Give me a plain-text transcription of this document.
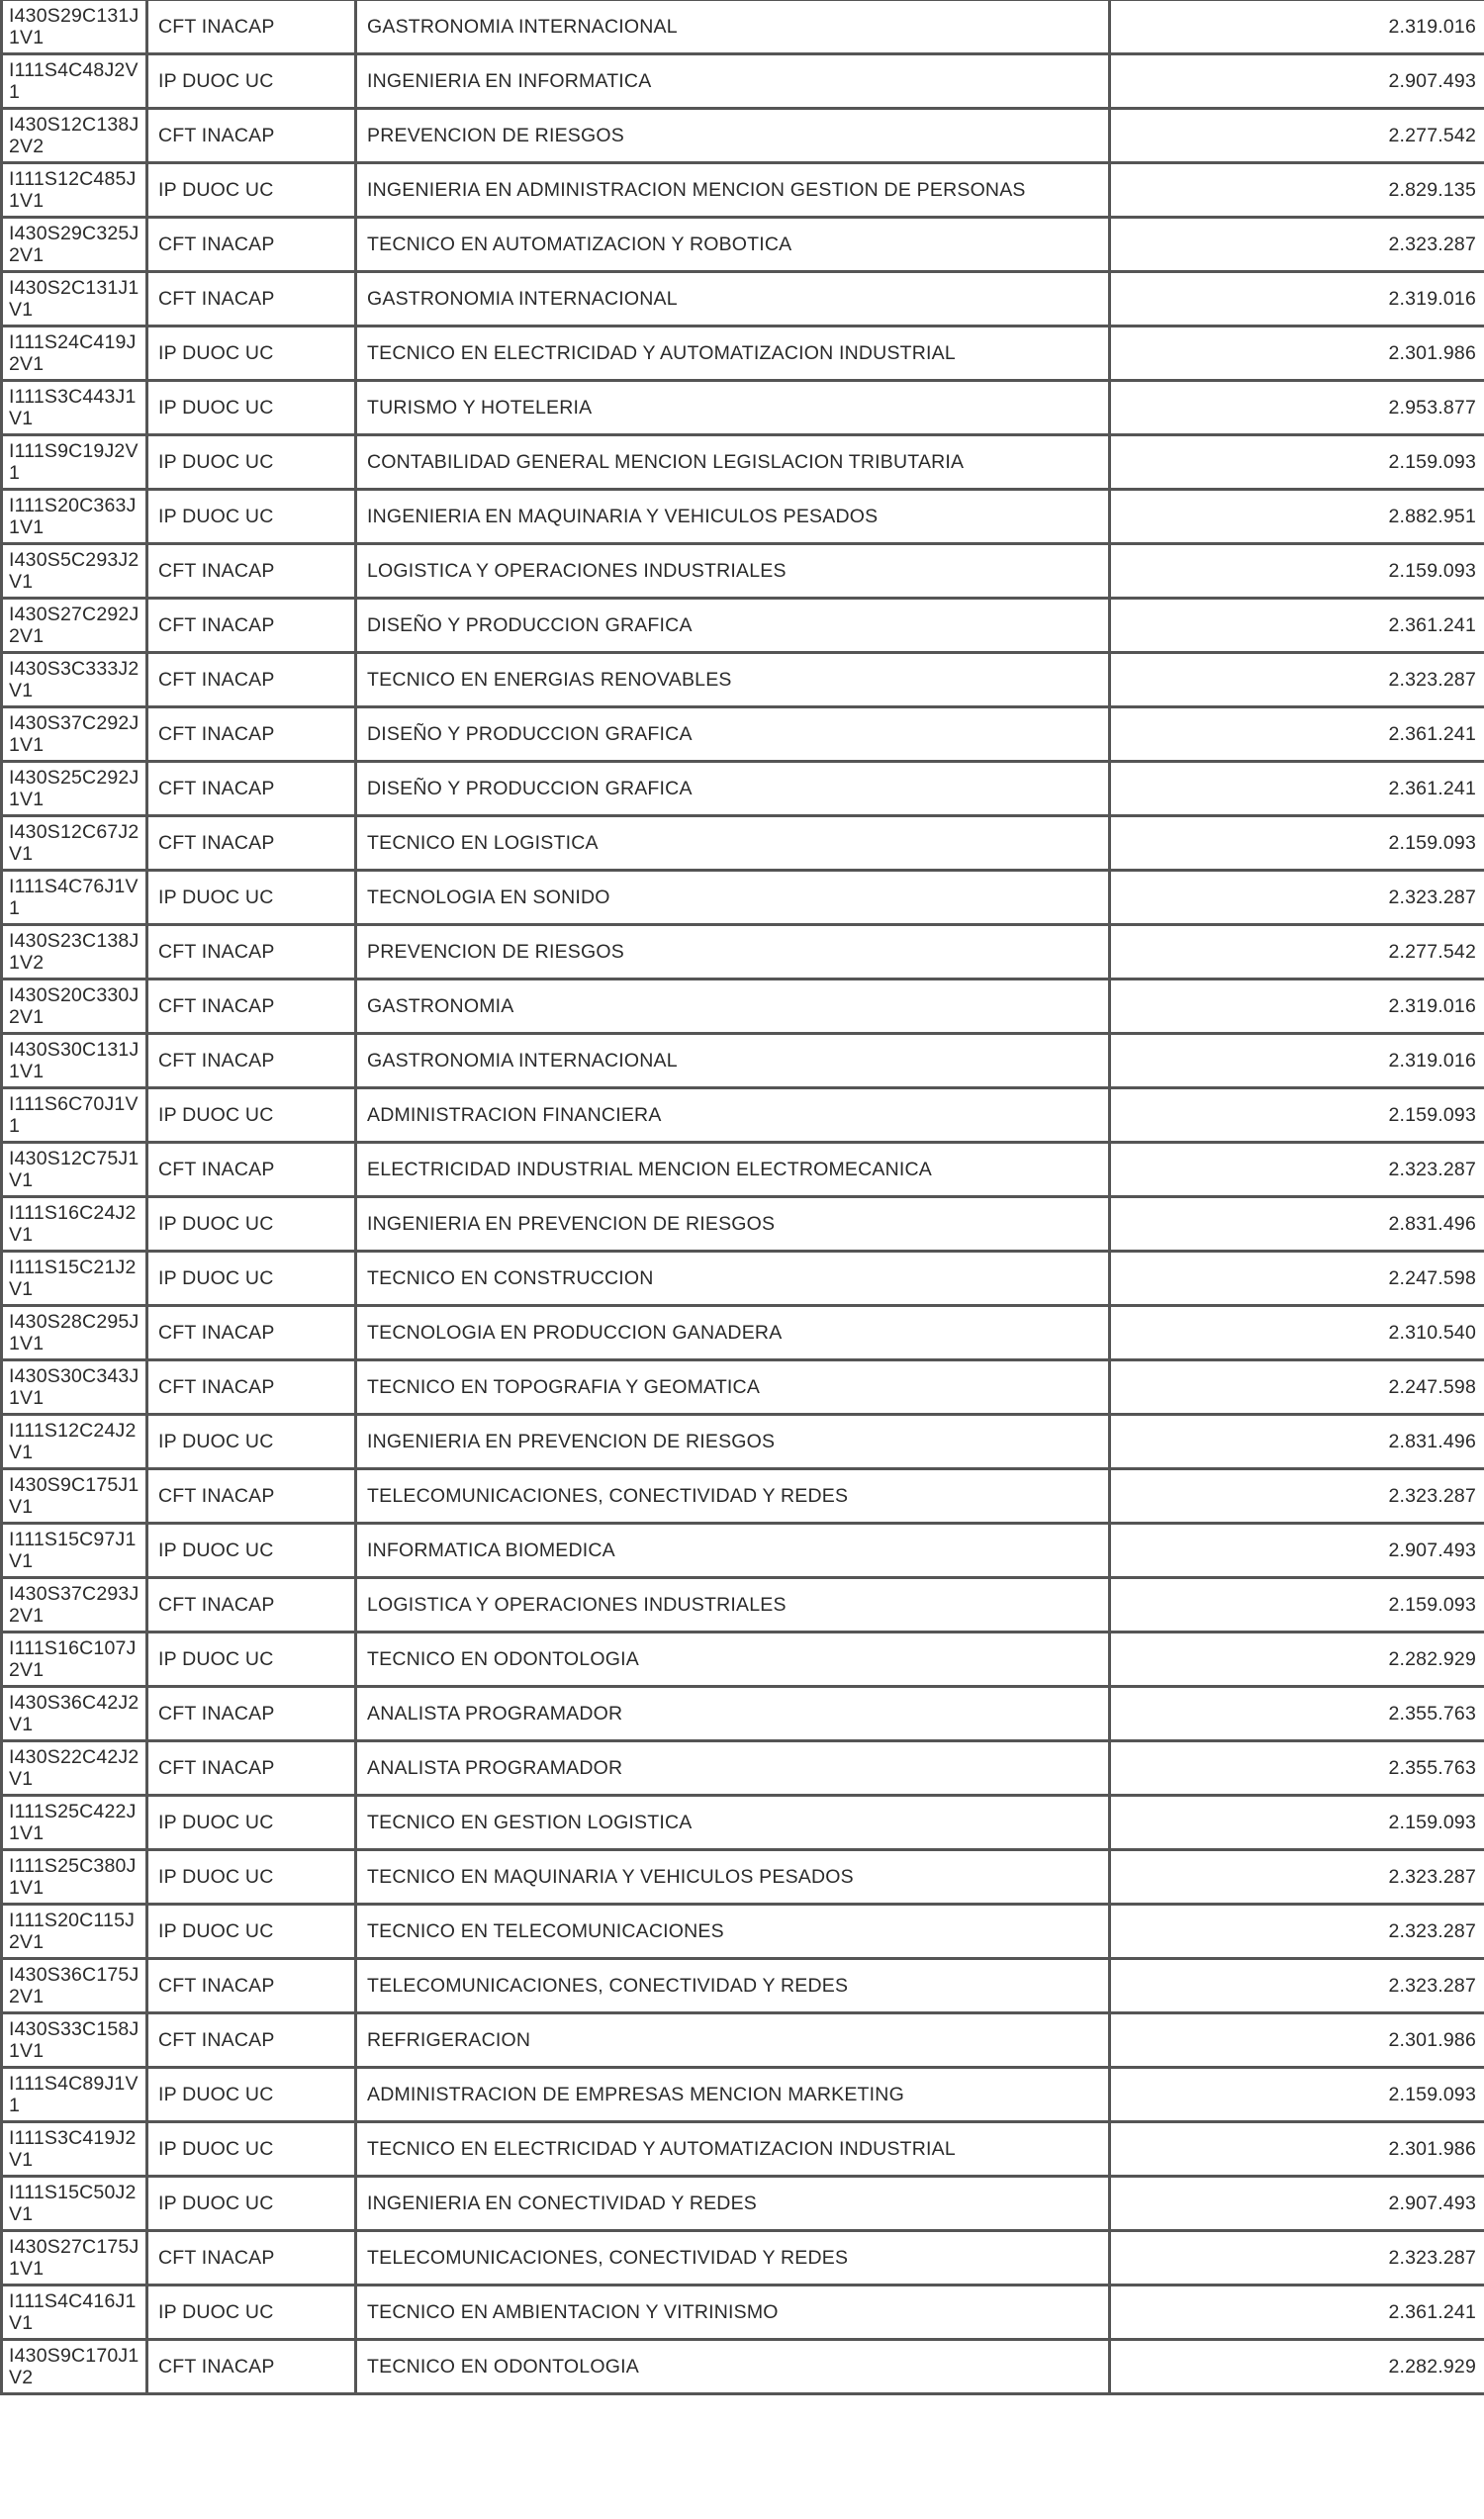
I430S29C131J1V1	CFT INACAP	GASTRONOMIA INTERNACIONAL	2.319.016
I111S4C48J2V1	IP DUOC UC	INGENIERIA EN INFORMATICA	2.907.493
I430S12C138J2V2	CFT INACAP	PREVENCION DE RIESGOS	2.277.542
I111S12C485J1V1	IP DUOC UC	INGENIERIA EN ADMINISTRACION MENCION GESTION DE PERSONAS	2.829.135
I430S29C325J2V1	CFT INACAP	TECNICO EN AUTOMATIZACION Y ROBOTICA	2.323.287
I430S2C131J1V1	CFT INACAP	GASTRONOMIA INTERNACIONAL	2.319.016
I111S24C419J2V1	IP DUOC UC	TECNICO EN ELECTRICIDAD Y AUTOMATIZACION INDUSTRIAL	2.301.986
I111S3C443J1V1	IP DUOC UC	TURISMO Y HOTELERIA	2.953.877
I111S9C19J2V1	IP DUOC UC	CONTABILIDAD GENERAL MENCION LEGISLACION TRIBUTARIA	2.159.093
I111S20C363J1V1	IP DUOC UC	INGENIERIA EN MAQUINARIA Y VEHICULOS PESADOS	2.882.951
I430S5C293J2V1	CFT INACAP	LOGISTICA Y OPERACIONES INDUSTRIALES	2.159.093
I430S27C292J2V1	CFT INACAP	DISEÑO Y PRODUCCION GRAFICA	2.361.241
I430S3C333J2V1	CFT INACAP	TECNICO EN ENERGIAS RENOVABLES	2.323.287
I430S37C292J1V1	CFT INACAP	DISEÑO Y PRODUCCION GRAFICA	2.361.241
I430S25C292J1V1	CFT INACAP	DISEÑO Y PRODUCCION GRAFICA	2.361.241
I430S12C67J2V1	CFT INACAP	TECNICO EN LOGISTICA	2.159.093
I111S4C76J1V1	IP DUOC UC	TECNOLOGIA EN SONIDO	2.323.287
I430S23C138J1V2	CFT INACAP	PREVENCION DE RIESGOS	2.277.542
I430S20C330J2V1	CFT INACAP	GASTRONOMIA	2.319.016
I430S30C131J1V1	CFT INACAP	GASTRONOMIA INTERNACIONAL	2.319.016
I111S6C70J1V1	IP DUOC UC	ADMINISTRACION FINANCIERA	2.159.093
I430S12C75J1V1	CFT INACAP	ELECTRICIDAD INDUSTRIAL MENCION ELECTROMECANICA	2.323.287
I111S16C24J2V1	IP DUOC UC	INGENIERIA EN PREVENCION DE RIESGOS	2.831.496
I111S15C21J2V1	IP DUOC UC	TECNICO EN CONSTRUCCION	2.247.598
I430S28C295J1V1	CFT INACAP	TECNOLOGIA EN PRODUCCION GANADERA	2.310.540
I430S30C343J1V1	CFT INACAP	TECNICO EN TOPOGRAFIA Y GEOMATICA	2.247.598
I111S12C24J2V1	IP DUOC UC	INGENIERIA EN PREVENCION DE RIESGOS	2.831.496
I430S9C175J1V1	CFT INACAP	TELECOMUNICACIONES, CONECTIVIDAD Y REDES	2.323.287
I111S15C97J1V1	IP DUOC UC	INFORMATICA BIOMEDICA	2.907.493
I430S37C293J2V1	CFT INACAP	LOGISTICA Y OPERACIONES INDUSTRIALES	2.159.093
I111S16C107J2V1	IP DUOC UC	TECNICO EN ODONTOLOGIA	2.282.929
I430S36C42J2V1	CFT INACAP	ANALISTA PROGRAMADOR	2.355.763
I430S22C42J2V1	CFT INACAP	ANALISTA PROGRAMADOR	2.355.763
I111S25C422J1V1	IP DUOC UC	TECNICO EN GESTION LOGISTICA	2.159.093
I111S25C380J1V1	IP DUOC UC	TECNICO EN MAQUINARIA Y VEHICULOS PESADOS	2.323.287
I111S20C115J2V1	IP DUOC UC	TECNICO EN TELECOMUNICACIONES	2.323.287
I430S36C175J2V1	CFT INACAP	TELECOMUNICACIONES, CONECTIVIDAD Y REDES	2.323.287
I430S33C158J1V1	CFT INACAP	REFRIGERACION	2.301.986
I111S4C89J1V1	IP DUOC UC	ADMINISTRACION DE EMPRESAS MENCION MARKETING	2.159.093
I111S3C419J2V1	IP DUOC UC	TECNICO EN ELECTRICIDAD Y AUTOMATIZACION INDUSTRIAL	2.301.986
I111S15C50J2V1	IP DUOC UC	INGENIERIA EN CONECTIVIDAD Y REDES	2.907.493
I430S27C175J1V1	CFT INACAP	TELECOMUNICACIONES, CONECTIVIDAD Y REDES	2.323.287
I111S4C416J1V1	IP DUOC UC	TECNICO EN AMBIENTACION Y VITRINISMO	2.361.241
I430S9C170J1V2	CFT INACAP	TECNICO EN ODONTOLOGIA	2.282.929
